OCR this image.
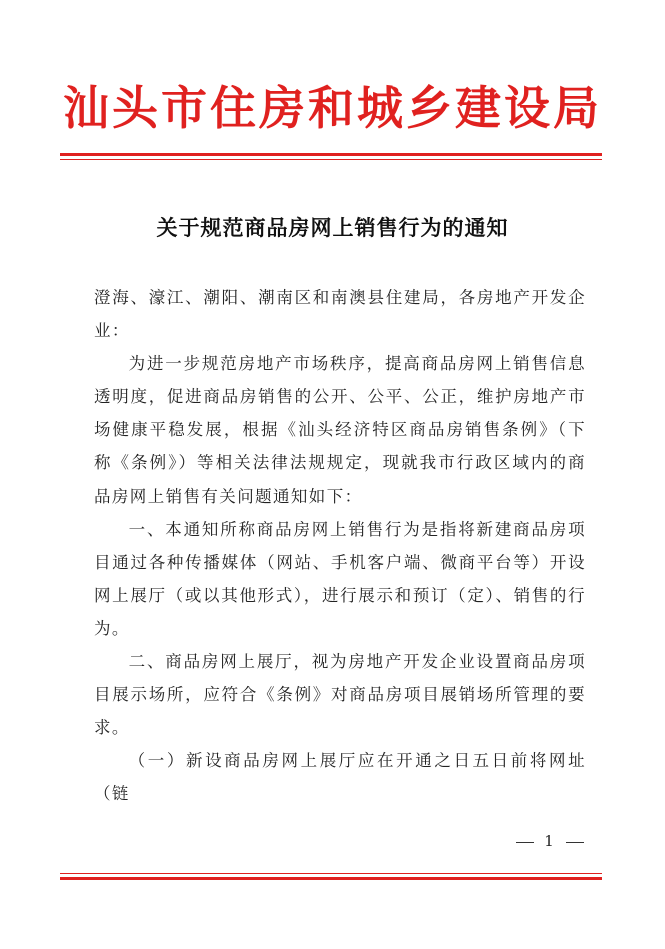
汕头市住房和城乡建设局
关于规范商品房网上销售行为的通知

澄海、濠江、潮阳、潮南区和南澳县住建局，各房地产开发企业：

为进一步规范房地产市场秩序，提高商品房网上销售信息透明度，促进商品房销售的公开、公平、公正，维护房地产市场健康平稳发展，根据《汕头经济特区商品房销售条例》（下称《条例》）等相关法律法规规定，现就我市行政区域内的商品房网上销售有关问题通知如下：

一、本通知所称商品房网上销售行为是指将新建商品房项目通过各种传播媒体（网站、手机客户端、微商平台等）开设网上展厅（或以其他形式），进行展示和预订（定）、销售的行为。

二、商品房网上展厅，视为房地产开发企业设置商品房项目展示场所，应符合《条例》对商品房项目展销场所管理的要求。

（一）新设商品房网上展厅应在开通之日五日前将网址（链

1
